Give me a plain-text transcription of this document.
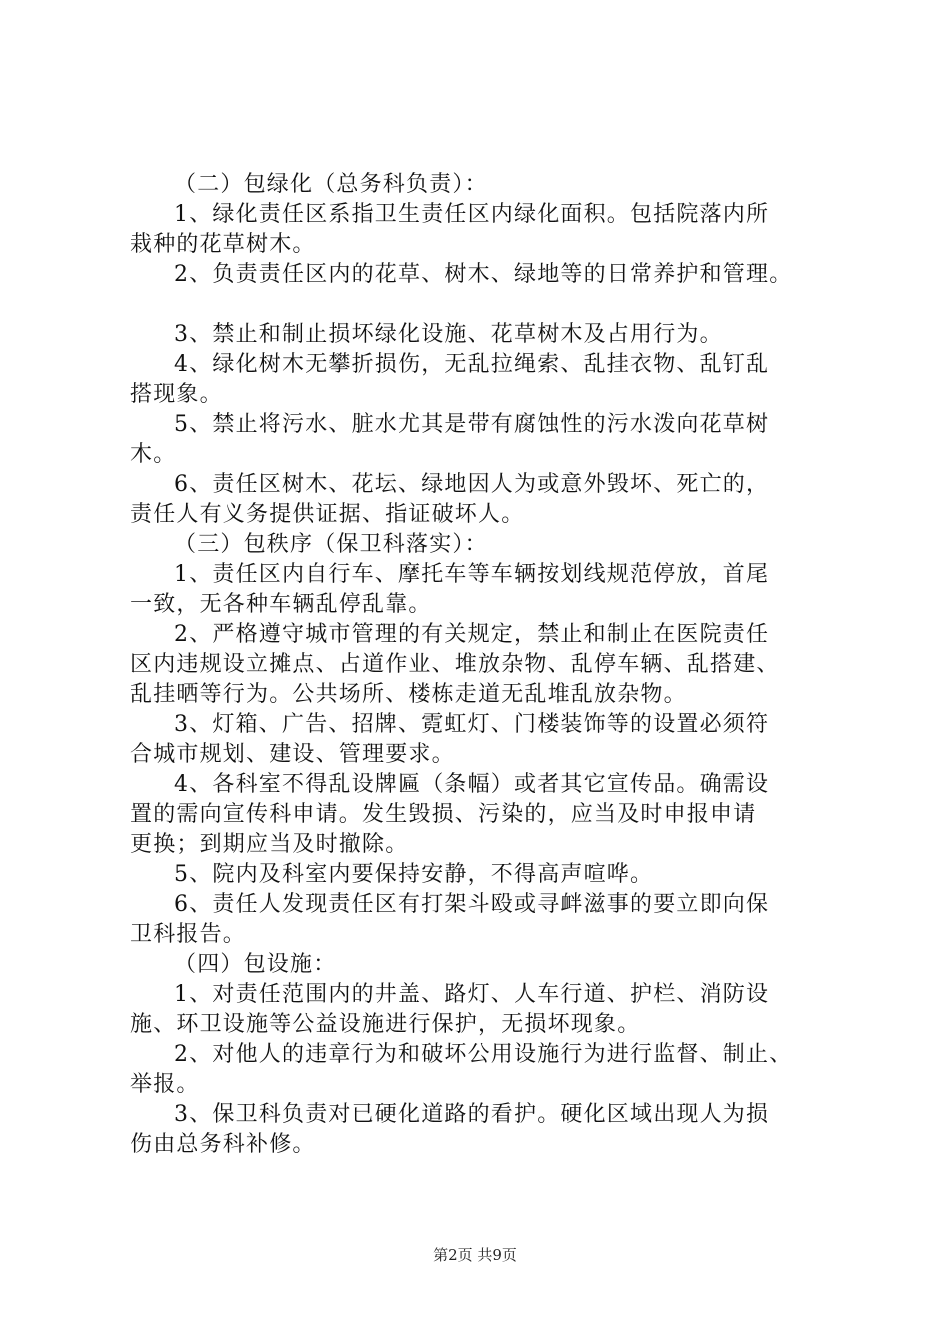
（二）包绿化（总务科负责）：
1、绿化责任区系指卫生责任区内绿化面积。包括院落内所
栽种的花草树木。
2、负责责任区内的花草、树木、绿地等的日常养护和管理。
3、禁止和制止损坏绿化设施、花草树木及占用行为。
4、绿化树木无攀折损伤，无乱拉绳索、乱挂衣物、乱钉乱
搭现象。
5、禁止将污水、脏水尤其是带有腐蚀性的污水泼向花草树
木。
6、责任区树木、花坛、绿地因人为或意外毁坏、死亡的，
责任人有义务提供证据、指证破坏人。
（三）包秩序（保卫科落实）：
1、责任区内自行车、摩托车等车辆按划线规范停放，首尾
一致，无各种车辆乱停乱靠。
2、严格遵守城市管理的有关规定，禁止和制止在医院责任
区内违规设立摊点、占道作业、堆放杂物、乱停车辆、乱搭建、
乱挂晒等行为。公共场所、楼栋走道无乱堆乱放杂物。
3、灯箱、广告、招牌、霓虹灯、门楼装饰等的设置必须符
合城市规划、建设、管理要求。
4、各科室不得乱设牌匾（条幅）或者其它宣传品。确需设
置的需向宣传科申请。发生毁损、污染的，应当及时申报申请
更换；到期应当及时撤除。
5、院内及科室内要保持安静，不得高声喧哗。
6、责任人发现责任区有打架斗殴或寻衅滋事的要立即向保
卫科报告。
（四）包设施：
1、对责任范围内的井盖、路灯、人车行道、护栏、消防设
施、环卫设施等公益设施进行保护，无损坏现象。
2、对他人的违章行为和破坏公用设施行为进行监督、制止、
举报。
3、保卫科负责对已硬化道路的看护。硬化区域出现人为损
伤由总务科补修。
第2页 共9页
